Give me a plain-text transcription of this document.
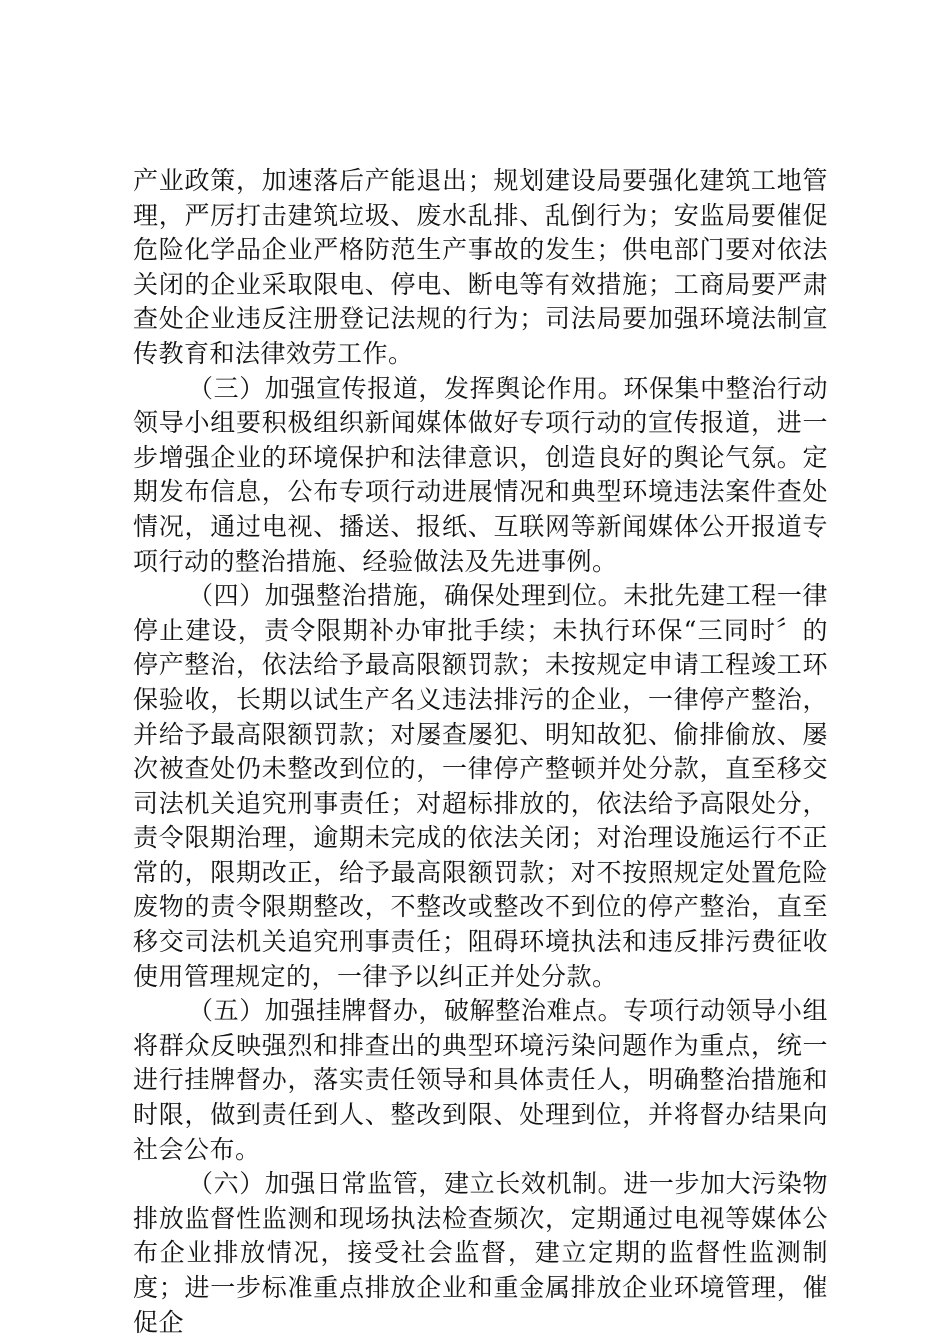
产业政策，加速落后产能退出；规划建设局要强化建筑工地管理，严厉打击建筑垃圾、废水乱排、乱倒行为；安监局要催促危险化学品企业严格防范生产事故的发生；供电部门要对依法关闭的企业采取限电、停电、断电等有效措施；工商局要严肃查处企业违反注册登记法规的行为；司法局要加强环境法制宣传教育和法律效劳工作。

（三）加强宣传报道，发挥舆论作用。环保集中整治行动领导小组要积极组织新闻媒体做好专项行动的宣传报道，进一步增强企业的环境保护和法律意识，创造良好的舆论气氛。定期发布信息，公布专项行动进展情况和典型环境违法案件查处情况，通过电视、播送、报纸、互联网等新闻媒体公开报道专项行动的整治措施、经验做法及先进事例。

（四）加强整治措施，确保处理到位。未批先建工程一律停止建设，责令限期补办审批手续；未执行环保“三同时〞的停产整治，依法给予最高限额罚款；未按规定申请工程竣工环保验收，长期以试生产名义违法排污的企业，一律停产整治，并给予最高限额罚款；对屡查屡犯、明知故犯、偷排偷放、屡次被查处仍未整改到位的，一律停产整顿并处分款，直至移交司法机关追究刑事责任；对超标排放的，依法给予高限处分，责令限期治理，逾期未完成的依法关闭；对治理设施运行不正常的，限期改正，给予最高限额罚款；对不按照规定处置危险废物的责令限期整改，不整改或整改不到位的停产整治，直至移交司法机关追究刑事责任；阻碍环境执法和违反排污费征收使用管理规定的，一律予以纠正并处分款。

（五）加强挂牌督办，破解整治难点。专项行动领导小组将群众反映强烈和排查出的典型环境污染问题作为重点，统一进行挂牌督办，落实责任领导和具体责任人，明确整治措施和时限，做到责任到人、整改到限、处理到位，并将督办结果向社会公布。

（六）加强日常监管，建立长效机制。进一步加大污染物排放监督性监测和现场执法检查频次，定期通过电视等媒体公布企业排放情况，接受社会监督，建立定期的监督性监测制度；进一步标准重点排放企业和重金属排放企业环境管理，催促企
